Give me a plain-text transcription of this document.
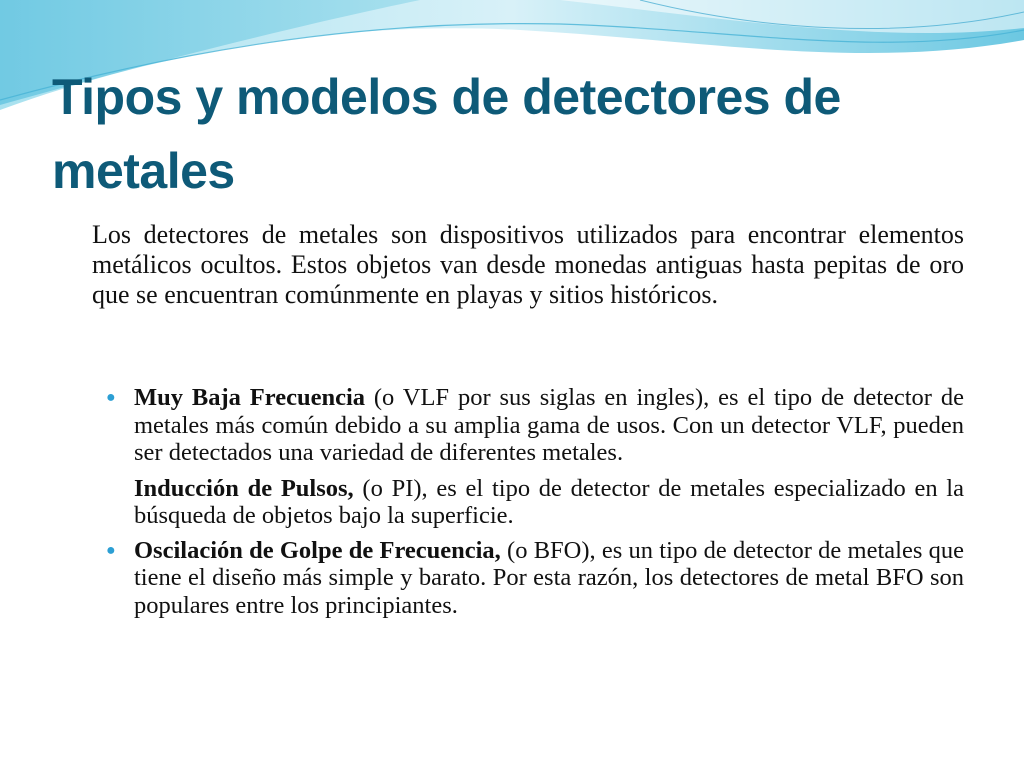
Tipos y modelos de detectores de metales

Los detectores de metales son dispositivos utilizados para encontrar elementos metálicos ocultos. Estos objetos van desde monedas antiguas hasta pepitas de oro que se encuentran comúnmente en playas y sitios históricos.

● Muy Baja Frecuencia (o VLF por sus siglas en ingles), es el tipo de detector de metales más común debido a su amplia gama de usos. Con un detector VLF, pueden ser detectados una variedad de diferentes metales.
Inducción de Pulsos, (o PI), es el tipo de detector de metales especializado en la búsqueda de objetos bajo la superficie.
● Oscilación de Golpe de Frecuencia, (o BFO), es un tipo de detector de metales que tiene el diseño más simple y barato. Por esta razón, los detectores de metal BFO son populares entre los principiantes.
